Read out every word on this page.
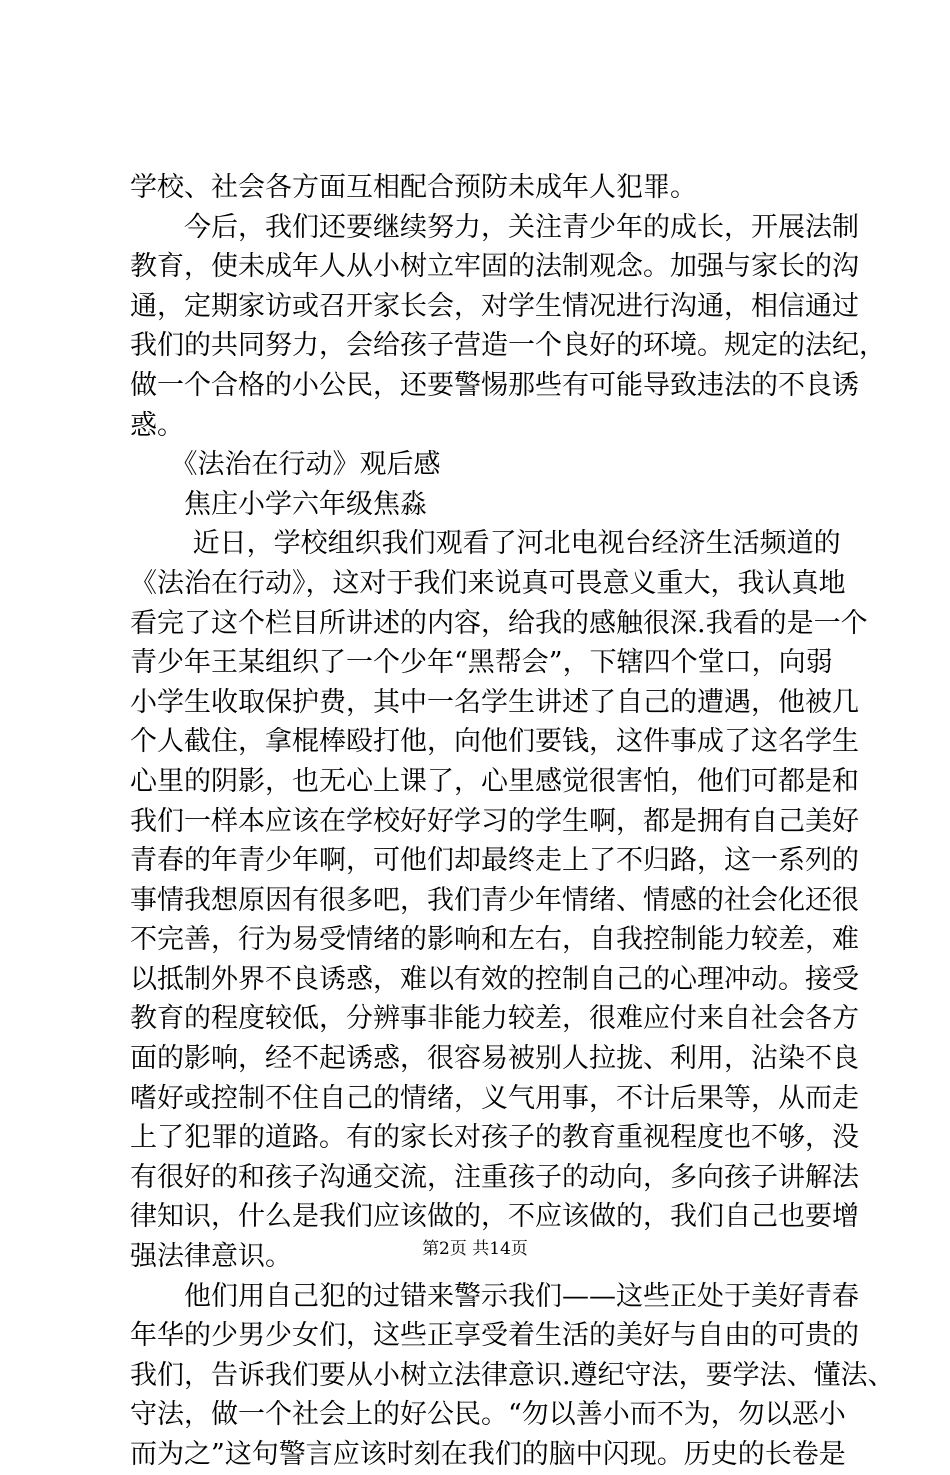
学校、社会各方面互相配合预防未成年人犯罪。
　　今后，我们还要继续努力，关注青少年的成长，开展法制
教育，使未成年人从小树立牢固的法制观念。加强与家长的沟
通，定期家访或召开家长会，对学生情况进行沟通，相信通过
我们的共同努力，会给孩子营造一个良好的环境。规定的法纪，
做一个合格的小公民，还要警惕那些有可能导致违法的不良诱
惑。
　　《法治在行动》观后感
　　焦庄小学六年级焦淼
　　 近日，学校组织我们观看了河北电视台经济生活频道的
《法治在行动》，这对于我们来说真可畏意义重大，我认真地
看完了这个栏目所讲述的内容，给我的感触很深.我看的是一个
青少年王某组织了一个少年“黑帮会”，下辖四个堂口，向弱
小学生收取保护费，其中一名学生讲述了自己的遭遇，他被几
个人截住，拿棍棒殴打他，向他们要钱，这件事成了这名学生
心里的阴影，也无心上课了，心里感觉很害怕，他们可都是和
我们一样本应该在学校好好学习的学生啊，都是拥有自己美好
青春的年青少年啊，可他们却最终走上了不归路，这一系列的
事情我想原因有很多吧，我们青少年情绪、情感的社会化还很
不完善，行为易受情绪的影响和左右，自我控制能力较差，难
以抵制外界不良诱惑，难以有效的控制自己的心理冲动。接受
教育的程度较低，分辨事非能力较差，很难应付来自社会各方
面的影响，经不起诱惑，很容易被别人拉拢、利用，沾染不良
嗜好或控制不住自己的情绪，义气用事，不计后果等，从而走
上了犯罪的道路。有的家长对孩子的教育重视程度也不够，没
有很好的和孩子沟通交流，注重孩子的动向，多向孩子讲解法
律知识，什么是我们应该做的，不应该做的，我们自己也要增
强法律意识。
　　他们用自己犯的过错来警示我们——这些正处于美好青春
年华的少男少女们，这些正享受着生活的美好与自由的可贵的
我们，告诉我们要从小树立法律意识.遵纪守法，要学法、懂法、
守法，做一个社会上的好公民。“勿以善小而不为，勿以恶小
而为之”这句警言应该时刻在我们的脑中闪现。历史的长卷是
第2页 共14页
